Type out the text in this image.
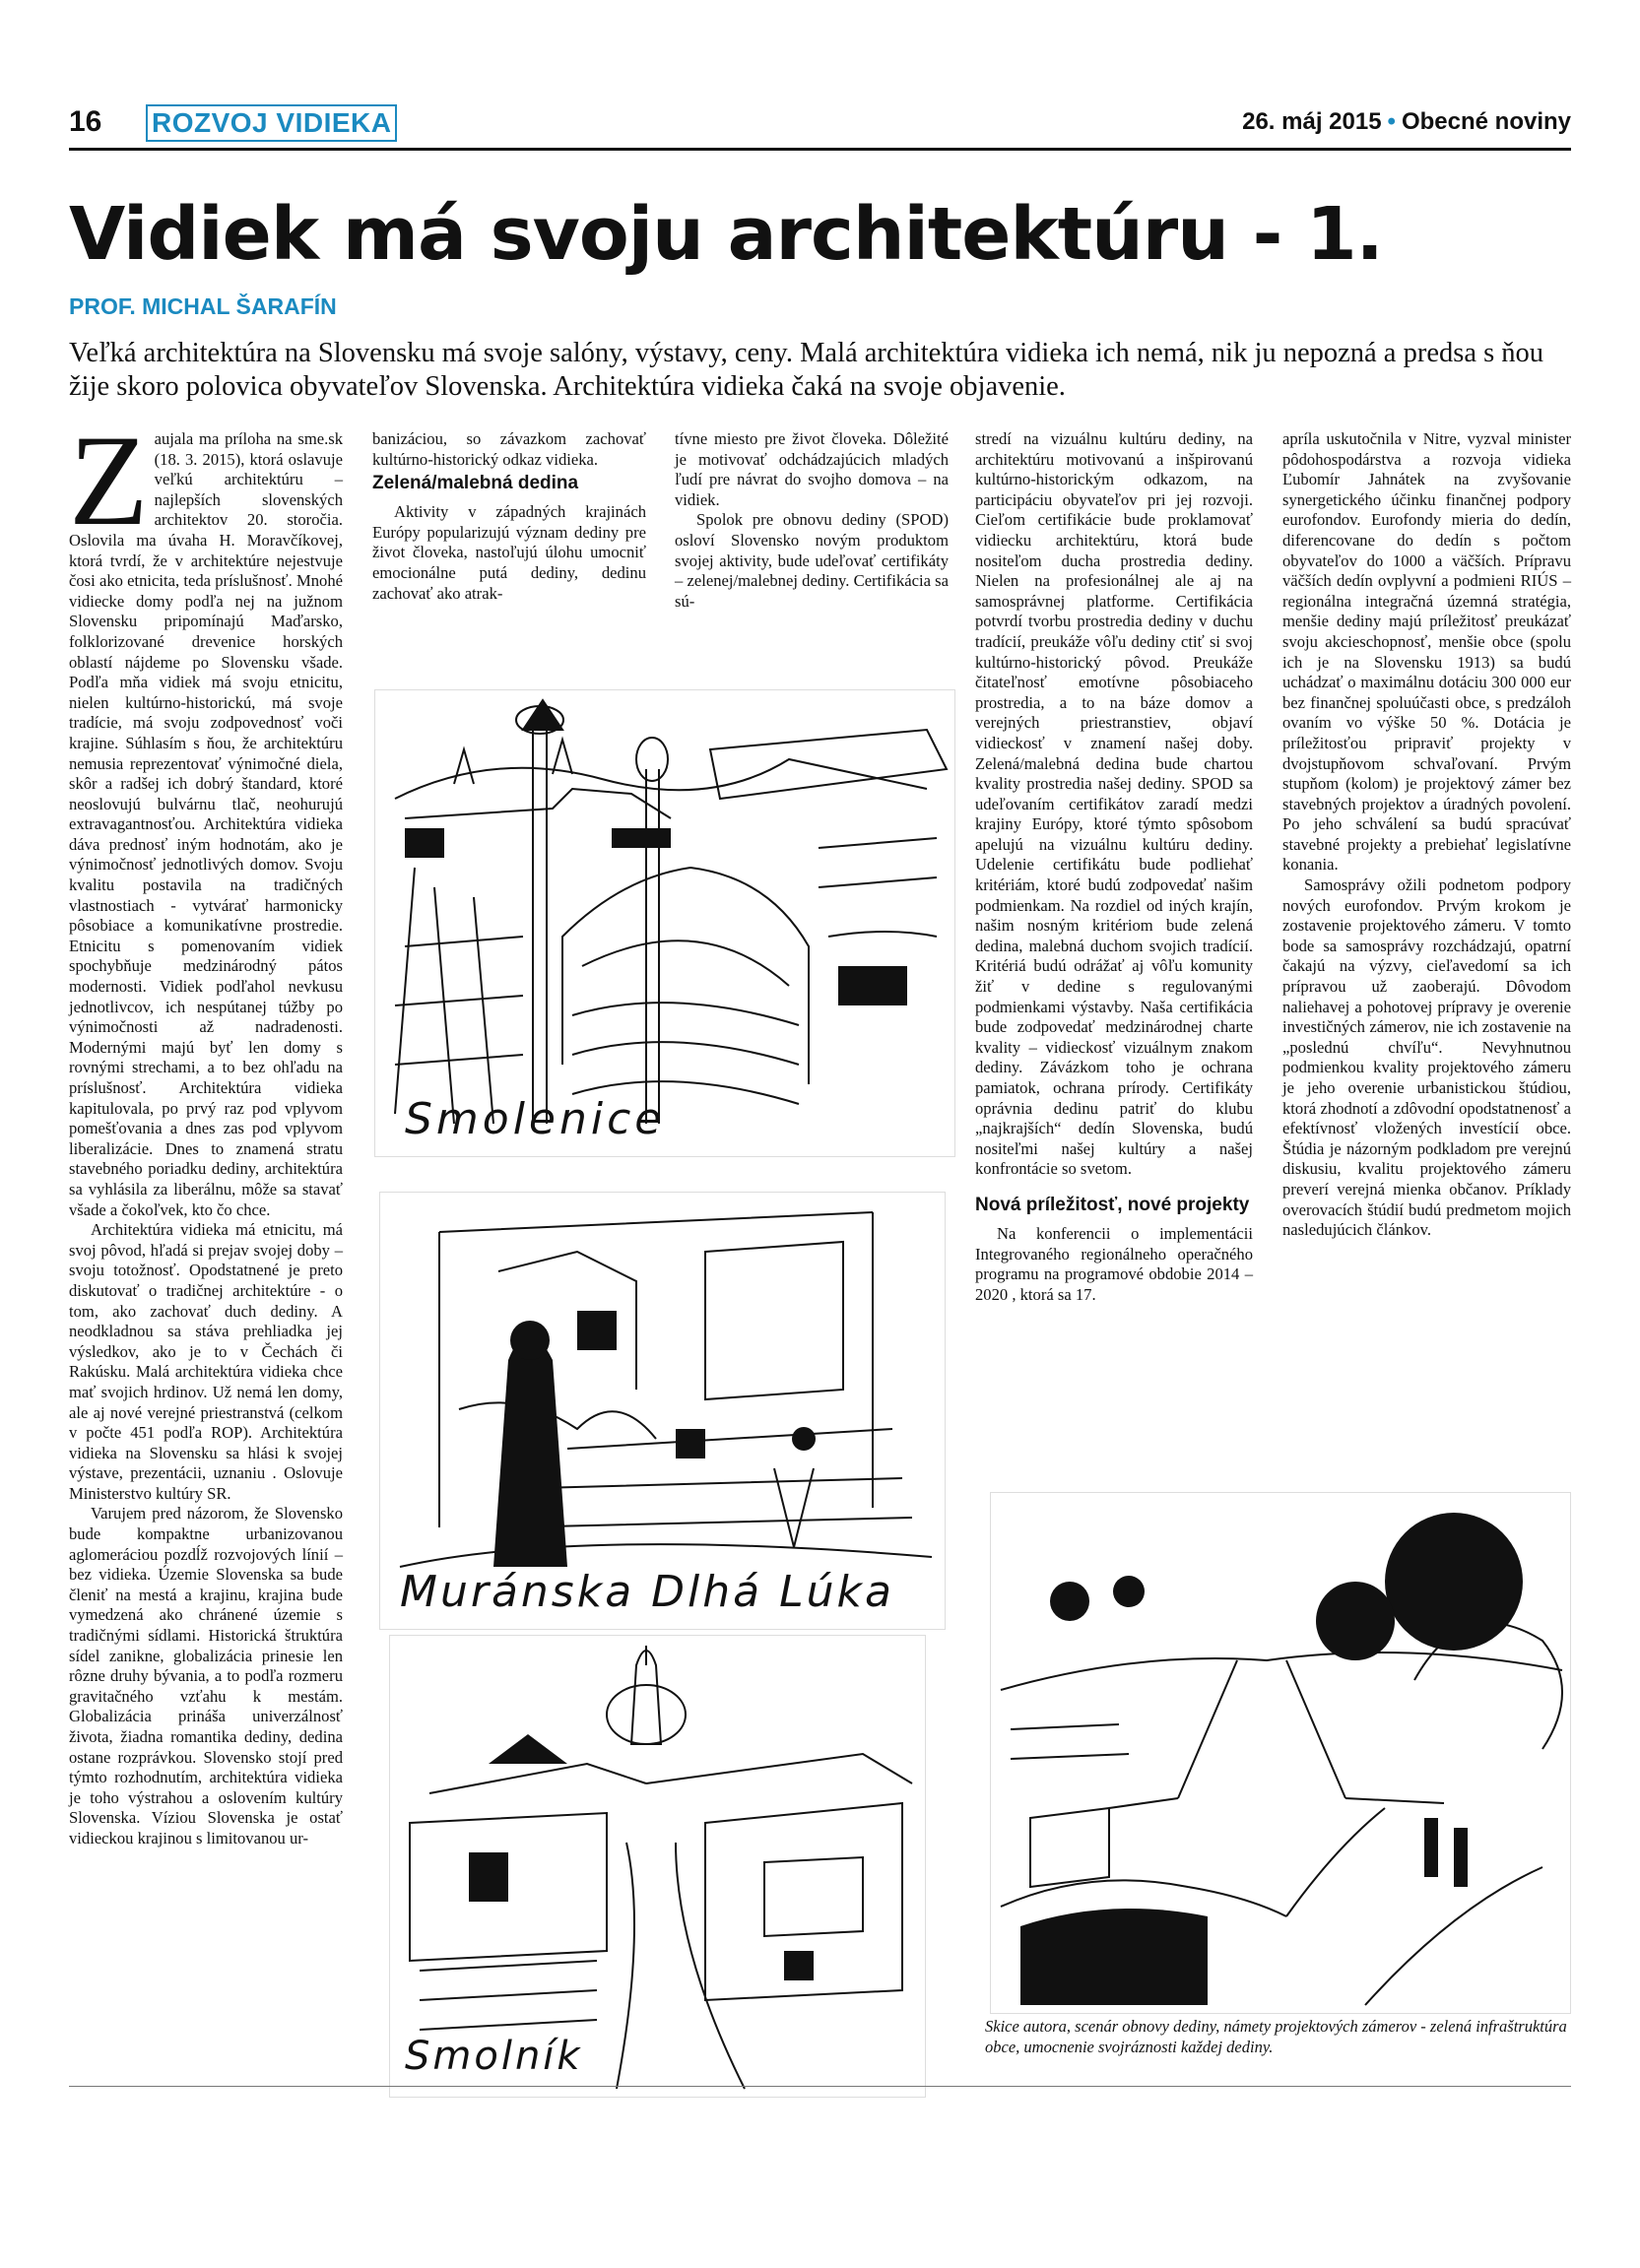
16 ROZVOJ VIDIEKA	26. máj 2015 • Obecné noviny
Vidiek má svoju architektúru - 1.
PROF. MICHAL ŠARAFÍN

Veľká architektúra na Slovensku má svoje salóny, výstavy, ceny. Malá architektúra vidieka ich nemá, nik ju nepozná a predsa s ňou žije skoro polovica obyvateľov Slovenska. Architektúra vidieka čaká na svoje objavenie.

Z aujala ma príloha na sme.sk (18. 3. 2015), ktorá oslavuje veľkú architektúru – najlepších slovenských architektov 20. storočia. Oslovila ma úvaha H. Moravčíkovej, ktorá tvrdí, že v architektúre nejestvuje čosi ako etnicita, teda príslušnosť. Mnohé vidiecke domy podľa nej na južnom Slovensku pripomínajú Maďarsko, folklorizované drevenice horských oblastí nájdeme po Slovensku všade. Podľa mňa vidiek má svoju etnicitu, nielen kultúrno-historickú, má svoje tradície, má svoju zodpovednosť voči krajine. Súhlasím s ňou, že architektúru nemusia reprezentovať výnimočné diela, skôr a radšej ich dobrý štandard, ktoré neoslovujú bulvárnu tlač, neohurujú extravagantnosťou. Architektúra vidieka dáva prednosť iným hodnotám, ako je výnimočnosť jednotlivých domov. Svoju kvalitu postavila na tradičných vlastnostiach - vytvárať harmonicky pôsobiace a komunikatívne prostredie. Etnicitu s pomenovaním vidiek spochybňuje medzinárodný pátos modernosti. Vidiek podľahol nevkusu jednotlivcov, ich nespútanej túžby po výnimočnosti až nadradenosti. Modernými majú byť len domy s rovnými strechami, a to bez ohľadu na príslušnosť. Architektúra vidieka kapitulovala, po prvý raz pod vplyvom pomešťovania a dnes zas pod vplyvom liberalizácie. Dnes to znamená stratu stavebného poriadku dediny, architektúra sa vyhlásila za liberálnu, môže sa stavať všade a čokoľvek, kto čo chce.

Architektúra vidieka má etnicitu, má svoj pôvod, hľadá si prejav svojej doby – svoju totožnosť. Opodstatnené je preto diskutovať o tradičnej architektúre - o tom, ako zachovať duch dediny. A neodkladnou sa stáva prehliadka jej výsledkov, ako je to v Čechách či Rakúsku. Malá architektúra vidieka chce mať svojich hrdinov. Už nemá len domy, ale aj nové verejné priestranstvá (celkom v počte 451 podľa ROP). Architektúra vidieka na Slovensku sa hlási k svojej výstave, prezentácii, uznaniu . Oslovuje Ministerstvo kultúry SR.

Varujem pred názorom, že Slovensko bude kompaktne urbanizovanou aglomeráciou pozdĺž rozvojových línií – bez vidieka. Územie Slovenska sa bude členiť na mestá a krajinu, krajina bude vymedzená ako chránené územie s tradičnými sídlami. Historická štruktúra sídel zanikne, globalizácia prinesie len rôzne druhy bývania, a to podľa rozmeru gravitačného vzťahu k mestám. Globalizácia prináša univerzálnosť života, žiadna romantika dediny, dedina ostane rozprávkou. Slovensko stojí pred týmto rozhodnutím, architektúra vidieka je toho výstrahou a oslovením kultúry Slovenska. Víziou Slovenska je ostať vidieckou krajinou s limitovanou ur-

banizáciou, so závazkom zachovať kultúrno-historický odkaz vidieka.

Zelená/malebná dedina

Aktivity v západných krajinách Európy popularizujú význam dediny pre život človeka, nastoľujú úlohu umocniť emocionálne putá dediny, dedinu zachovať ako atrak-

tívne miesto pre život človeka. Dôležité je motivovať odchádzajúcich mladých ľudí pre návrat do svojho domova – na vidiek.

Spolok pre obnovu dediny (SPOD) osloví Slovensko novým produktom svojej aktivity, bude udeľovať certifikáty – zelenej/malebnej dediny. Certifikácia sa sú-

stredí na vizuálnu kultúru dediny, na architektúru motivovanú a inšpirovanú kultúrno-historickým odkazom, na participáciu obyvateľov pri jej rozvoji. Cieľom certifikácie bude proklamovať vidiecku architektúru, ktorá bude nositeľom ducha prostredia dediny. Nielen na profesionálnej ale aj na samosprávnej platforme. Certifikácia potvrdí tvorbu prostredia dediny v duchu tradícií, preukáže vôľu dediny ctiť si svoj kultúrno-historický pôvod. Preukáže čitateľnosť emotívne pôsobiaceho prostredia, a to na báze domov a verejných priestranstiev, objaví vidieckosť v znamení našej doby. Zelená/malebná dedina bude chartou kvality prostredia našej dediny. SPOD sa udeľovaním certifikátov zaradí medzi krajiny Európy, ktoré týmto spôsobom apelujú na vizuálnu kultúru dediny. Udelenie certifikátu bude podliehať kritériám, ktoré budú zodpovedať našim podmienkam. Na rozdiel od iných krajín, našim nosným kritériom bude zelená dedina, malebná duchom svojich tradícií. Kritériá budú odrážať aj vôľu komunity žiť v dedine s regulovanými podmienkami výstavby. Naša certifikácia bude zodpovedať medzinárodnej charte kvality – vidieckosť vizuálnym znakom dediny. Závázkom toho je ochrana pamiatok, ochrana prírody. Certifikáty oprávnia dedinu patriť do klubu „najkrajších“ dedín Slovenska, budú nositeľmi našej kultúry a našej konfrontácie so svetom.

Nová príležitosť, nové projekty

Na konferencii o implementácii Integrovaného regionálneho operačného programu na programové obdobie 2014 – 2020 , ktorá sa 17.

apríla uskutočnila v Nitre, vyzval minister pôdohospodárstva a rozvoja vidieka Ľubomír Jahnátek na zvyšovanie synergetického účinku finančnej podpory eurofondov. Eurofondy mieria do dedín, diferencovane do dedín s počtom obyvateľov do 1000 a väčších. Prípravu väčších dedín ovplyvní a podmieni RIÚS – regionálna integračná územná stratégia, menšie dediny majú príležitosť preukázať svoju akcieschopnosť, menšie obce (spolu ich je na Slovensku 1913) sa budú uchádzať o maximálnu dotáciu 300 000 eur bez finančnej spoluúčasti obce, s predzáloh ovaním vo výške 50 %. Dotácia je príležitosťou pripraviť projekty v dvojstupňovom schvaľovaní. Prvým stupňom (kolom) je projektový zámer bez stavebných projektov a úradných povolení. Po jeho schválení sa budú spracúvať stavebné projekty a prebiehať legislatívne konania.

Samosprávy ožili podnetom podpory nových eurofondov. Prvým krokom je zostavenie projektového zámeru. V tomto bode sa samosprávy rozchádzajú, opatrní čakajú na výzvy, cieľavedomí sa ich prípravou už zaoberajú. Dôvodom naliehavej a pohotovej prípravy je overenie investičných zámerov, nie ich zostavenie na „poslednú chvíľu“. Nevyhnutnou podmienkou kvality projektového zámeru je jeho overenie urbanistickou štúdiou, ktorá zhodnotí a zdôvodní opodstatnenosť a efektívnosť vložených investícií obce. Štúdia je názorným podkladom pre verejnú diskusiu, kvalitu projektového zámeru preverí verejná mienka občanov. Príklady overovacích štúdií budú predmetom mojich nasledujúcich článkov.

Smolenice
Muránska Dlhá Lúka
Smolník

Skice autora, scenár obnovy dediny, námety projektových zámerov - zelená infraštruktúra obce, umocnenie svojráznosti každej dediny.
